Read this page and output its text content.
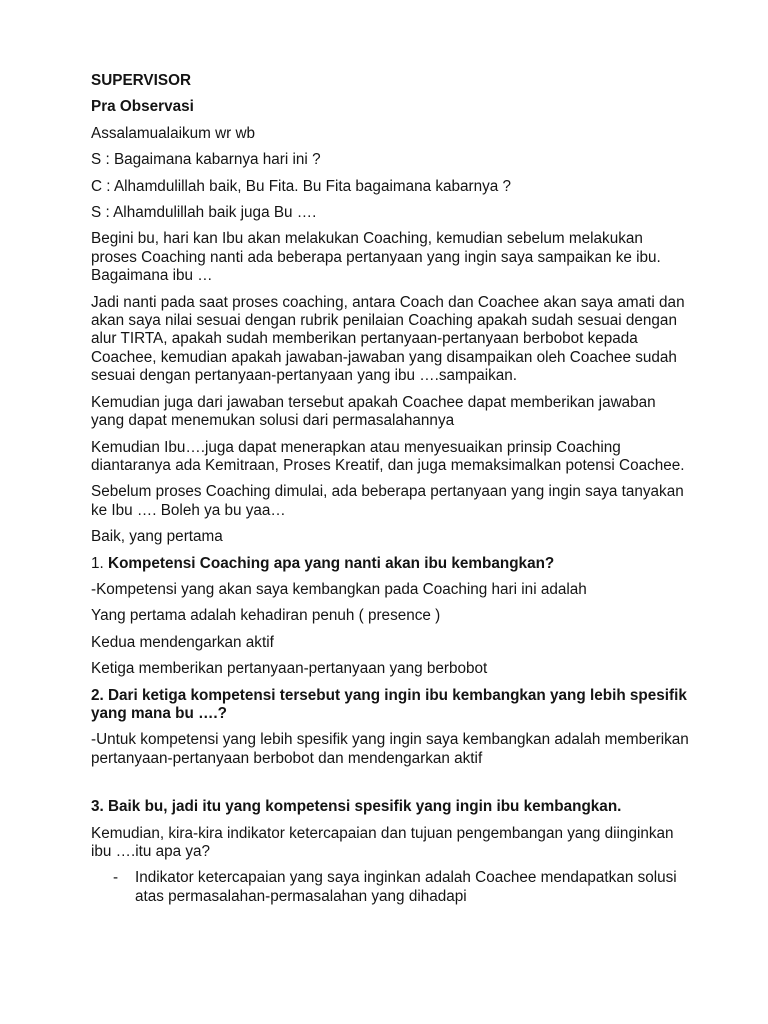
SUPERVISOR

Pra Observasi

Assalamualaikum wr wb

S : Bagaimana kabarnya hari ini ?

C : Alhamdulillah baik, Bu Fita. Bu Fita bagaimana kabarnya ?

S : Alhamdulillah baik juga Bu ….

Begini bu, hari kan Ibu akan melakukan Coaching, kemudian sebelum melakukan proses Coaching nanti ada beberapa pertanyaan yang ingin saya sampaikan ke ibu. Bagaimana ibu …

Jadi nanti pada saat proses coaching, antara Coach dan Coachee akan saya amati dan akan saya nilai sesuai dengan rubrik penilaian Coaching apakah sudah sesuai dengan alur TIRTA, apakah sudah memberikan pertanyaan-pertanyaan berbobot kepada Coachee, kemudian apakah jawaban-jawaban yang disampaikan oleh Coachee sudah sesuai dengan pertanyaan-pertanyaan yang ibu ….sampaikan.

Kemudian juga dari jawaban tersebut apakah Coachee dapat memberikan jawaban yang dapat menemukan solusi dari permasalahannya

Kemudian Ibu….juga dapat menerapkan atau menyesuaikan prinsip Coaching diantaranya ada Kemitraan, Proses Kreatif, dan juga memaksimalkan potensi Coachee.

Sebelum proses Coaching dimulai, ada beberapa pertanyaan yang ingin saya tanyakan ke Ibu …. Boleh ya bu yaa…

Baik, yang pertama

1. Kompetensi Coaching apa yang nanti akan ibu kembangkan?

-Kompetensi yang akan saya kembangkan pada Coaching hari ini adalah

Yang pertama adalah kehadiran penuh ( presence )

Kedua mendengarkan aktif

Ketiga memberikan pertanyaan-pertanyaan yang berbobot

2. Dari ketiga kompetensi tersebut yang ingin ibu kembangkan yang lebih spesifik yang mana bu ….?

-Untuk kompetensi yang lebih spesifik yang ingin saya kembangkan adalah memberikan pertanyaan-pertanyaan berbobot dan mendengarkan aktif

3. Baik bu, jadi itu yang kompetensi spesifik yang ingin ibu kembangkan.

Kemudian, kira-kira indikator ketercapaian dan tujuan pengembangan yang diinginkan ibu ….itu apa ya?

-	Indikator ketercapaian yang saya inginkan adalah Coachee mendapatkan solusi atas permasalahan-permasalahan yang dihadapi
